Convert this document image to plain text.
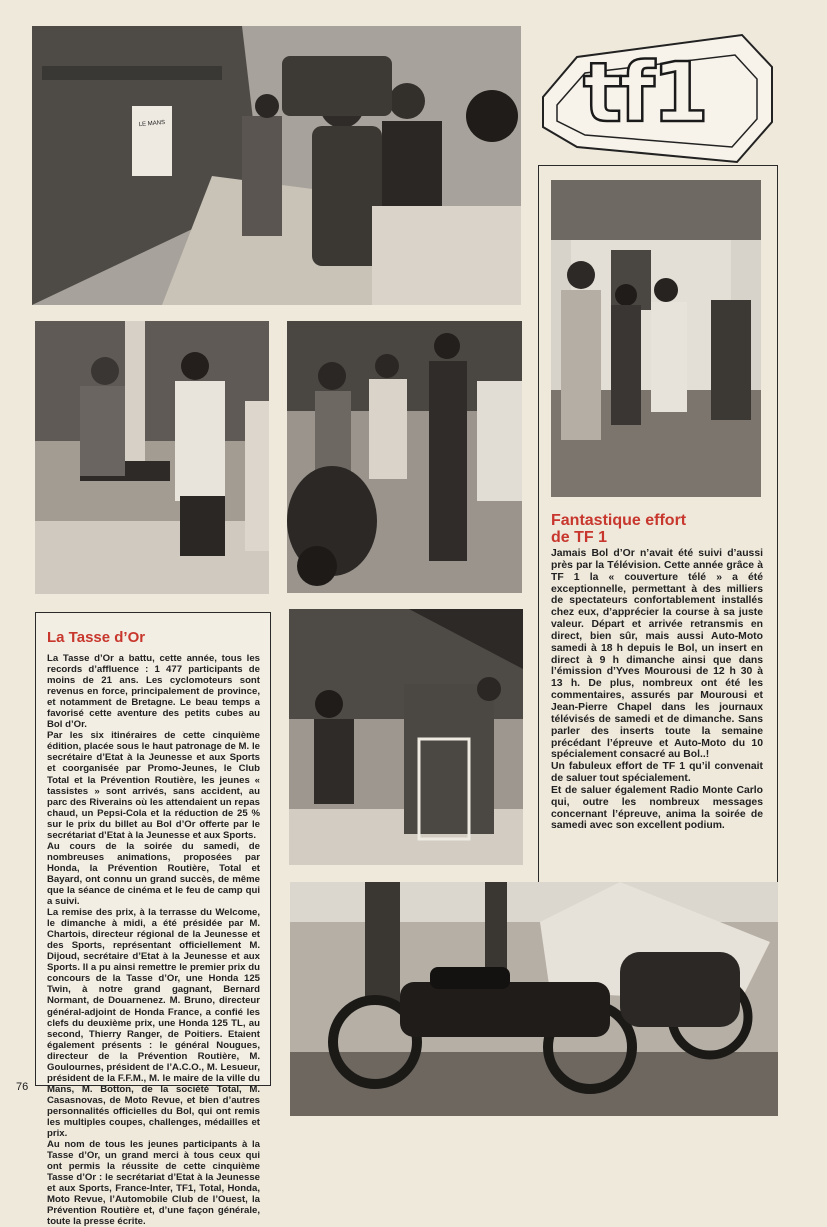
LE MANS	tf1
Fantastique effort
de TF 1
Jamais Bol d’Or n’avait été suivi d’aussi près par la Télévision. Cette année grâce à TF 1 la « couverture télé » a été exceptionnelle, permettant à des milliers de spectateurs confortablement installés chez eux, d’apprécier la course à sa juste valeur. Départ et arrivée retransmis en direct, bien sûr, mais aussi Auto-Moto samedi à 18 h depuis le Bol, un insert en direct à 9 h dimanche ainsi que dans l’émission d’Yves Mourousi de 12 h 30 à 13 h. De plus, nombreux ont été les commentaires, assurés par Mourousi et Jean-Pierre Chapel dans les journaux télévisés de samedi et de dimanche. Sans parler des inserts toute la semaine précédant l’épreuve et Auto-Moto du 10 spécialement consacré au Bol..!
Un fabuleux effort de TF 1 qu’il convenait de saluer tout spécialement.
Et de saluer également Radio Monte Carlo qui, outre les nombreux messages concernant l’épreuve, anima la soirée de samedi avec son excellent podium.
La Tasse d’Or
La Tasse d’Or a battu, cette année, tous les records d’affluence : 1 477 participants de moins de 21 ans. Les cyclomoteurs sont revenus en force, principalement de province, et notamment de Bretagne. Le beau temps a favorisé cette aventure des petits cubes au Bol d’Or.
Par les six itinéraires de cette cinquième édition, placée sous le haut patronage de M. le secrétaire d’Etat à la Jeunesse et aux Sports et coorganisée par Promo-Jeunes, le Club Total et la Prévention Routière, les jeunes « tassistes » sont arrivés, sans accident, au parc des Riverains où les attendaient un repas chaud, un Pepsi-Cola et la réduction de 25 % sur le prix du billet au Bol d’Or offerte par le secrétariat d’Etat à la Jeunesse et aux Sports.
Au cours de la soirée du samedi, de nombreuses animations, proposées par Honda, la Prévention Routière, Total et Bayard, ont connu un grand succès, de même que la séance de cinéma et le feu de camp qui a suivi.
La remise des prix, à la terrasse du Welcome, le dimanche à midi, a été présidée par M. Chartois, directeur régional de la Jeunesse et des Sports, représentant officiellement M. Dijoud, secrétaire d’Etat à la Jeunesse et aux Sports. Il a pu ainsi remettre le premier prix du concours de la Tasse d’Or, une Honda 125 Twin, à notre grand gagnant, Bernard Normant, de Douarnenez. M. Bruno, directeur général-adjoint de Honda France, a confié les clefs du deuxième prix, une Honda 125 TL, au second, Thierry Ranger, de Poitiers. Etaient également présents : le général Nougues, directeur de la Prévention Routière, M. Goulournes, président de l’A.C.O., M. Lesueur, président de la F.F.M., M. le maire de la ville du Mans, M. Botton, de la société Total, M. Casasnovas, de Moto Revue, et bien d’autres personnalités officielles du Bol, qui ont remis les multiples coupes, challenges, médailles et prix.
Au nom de tous les jeunes participants à la Tasse d’Or, un grand merci à tous ceux qui ont permis la réussite de cette cinquième Tasse d’Or : le secrétariat d’Etat à la Jeunesse et aux Sports, France-Inter, TF1, Total, Honda, Moto Revue, l’Automobile Club de l’Ouest, la Prévention Routière et, d’une façon générale, toute la presse écrite.
76
